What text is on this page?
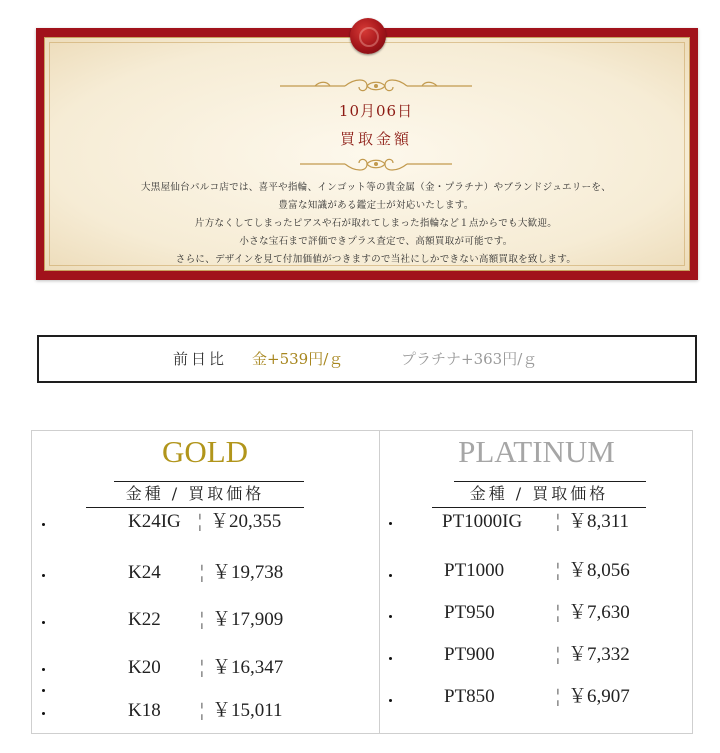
10月06日
買取金額
大黒屋仙台パルコ店では、喜平や指輪、インゴット等の貴金属（金・プラチナ）やブランドジュエリーを、
豊富な知識がある鑑定士が対応いたします。
片方なくしてしまったピアスや石が取れてしまった指輪など１点からでも大歓迎。
小さな宝石まで評価できプラス査定で、高額買取が可能です。
さらに、デザインを見て付加価値がつきますので当社にしかできない高額買取を致します。
前日比 金+539円/ｇ	プラチナ+363円/ｇ
GOLD
金種 / 買取価格
K24IG ¦ ￥20,355
K24 ¦ ￥19,738
K22 ¦ ￥17,909
K20 ¦ ￥16,347
K18 ¦ ￥15,011
PLATINUM
金種 / 買取価格
PT1000IG ¦ ￥8,311
PT1000	¦ ￥8,056
PT950	¦ ￥7,630
PT900	¦ ￥7,332
PT850	¦ ￥6,907
